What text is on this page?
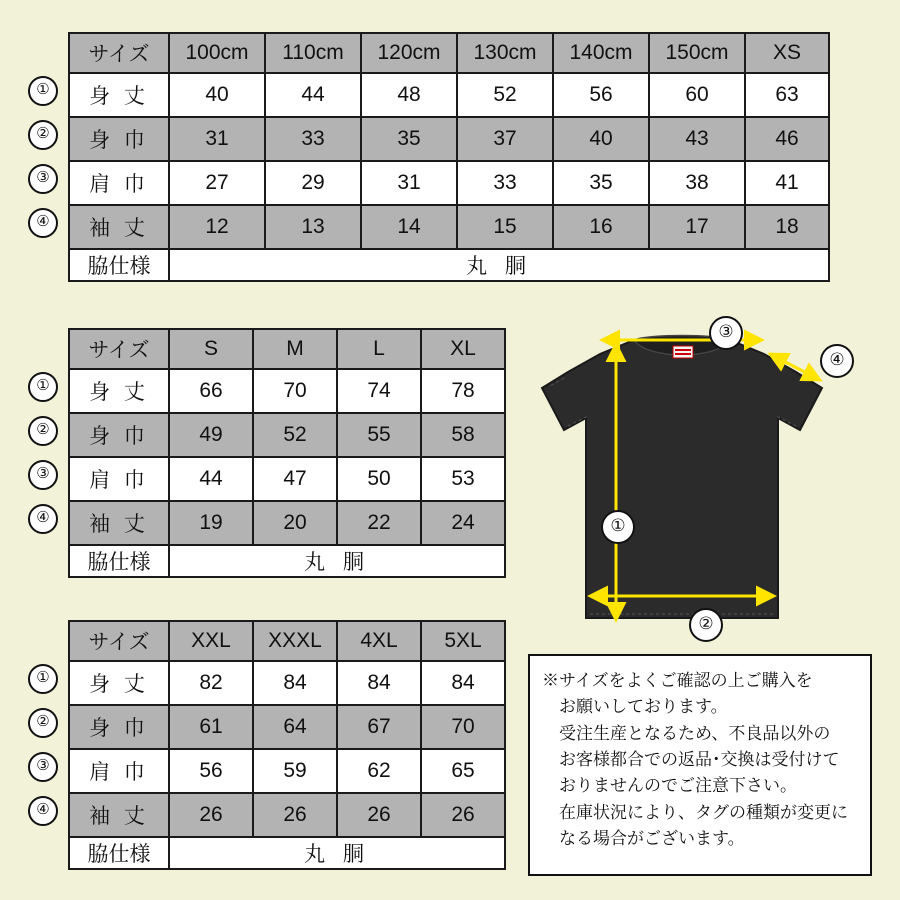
サイズ	100cm	110cm	120cm	130cm	140cm	150cm	XS
身 丈	40	44	48	52	56	60	63
身 巾	31	33	35	37	40	43	46
肩 巾	27	29	31	33	35	38	41
袖 丈	12	13	14	15	16	17	18
脇仕様	丸 胴						
①
②
③
④
サイズ	S	M	L	XL
身 丈	66	70	74	78
身 巾	49	52	55	58
肩 巾	44	47	50	53
袖 丈	19	20	22	24
脇仕様	丸 胴			
①
②
③
④
サイズ	XXL	XXXL	4XL	5XL
身 丈	82	84	84	84
身 巾	61	64	67	70
肩 巾	56	59	62	65
袖 丈	26	26	26	26
脇仕様	丸 胴			
①
②
③
④
③
④
①
②

※サイズをよくご確認の上ご購入を

　お願いしております。

　受注生産となるため、不良品以外の

　お客様都合での返品･交換は受付けて

　おりませんのでご注意下さい。

　在庫状況により、タグの種類が変更に

　なる場合がございます。
